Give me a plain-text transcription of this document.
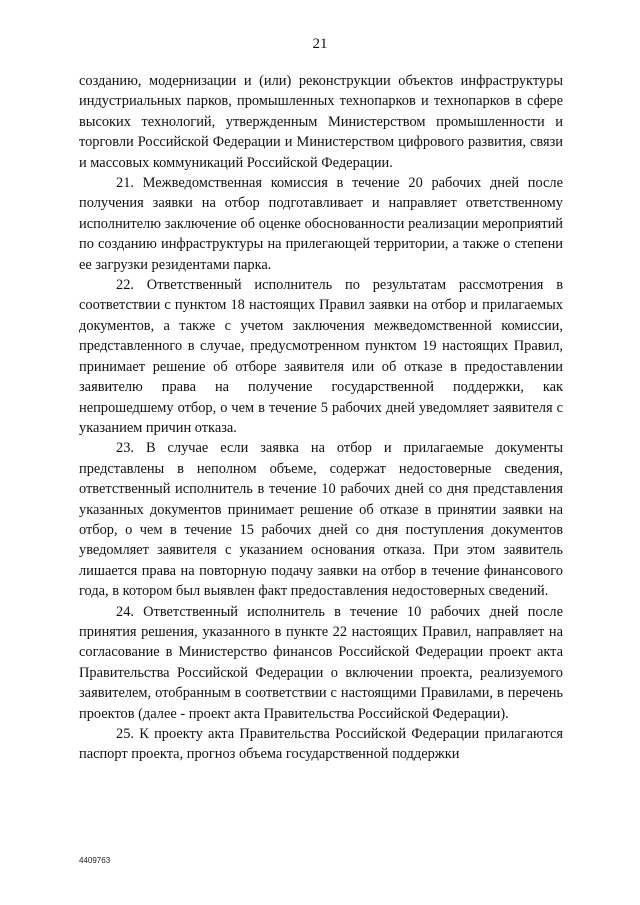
21

созданию, модернизации и (или) реконструкции объектов инфраструктуры индустриальных парков, промышленных технопарков и технопарков в сфере высоких технологий, утвержденным Министерством промышленности и торговли Российской Федерации и Министерством цифрового развития, связи и массовых коммуникаций Российской Федерации.

21. Межведомственная комиссия в течение 20 рабочих дней после получения заявки на отбор подготавливает и направляет ответственному исполнителю заключение об оценке обоснованности реализации мероприятий по созданию инфраструктуры на прилегающей территории, а также о степени ее загрузки резидентами парка.

22. Ответственный исполнитель по результатам рассмотрения в соответствии с пунктом 18 настоящих Правил заявки на отбор и прилагаемых документов, а также с учетом заключения межведомственной комиссии, представленного в случае, предусмотренном пунктом 19 настоящих Правил, принимает решение об отборе заявителя или об отказе в предоставлении заявителю права на получение государственной поддержки, как непрошедшему отбор, о чем в течение 5 рабочих дней уведомляет заявителя с указанием причин отказа.

23. В случае если заявка на отбор и прилагаемые документы представлены в неполном объеме, содержат недостоверные сведения, ответственный исполнитель в течение 10 рабочих дней со дня представления указанных документов принимает решение об отказе в принятии заявки на отбор, о чем в течение 15 рабочих дней со дня поступления документов уведомляет заявителя с указанием основания отказа. При этом заявитель лишается права на повторную подачу заявки на отбор в течение финансового года, в котором был выявлен факт предоставления недостоверных сведений.

24. Ответственный исполнитель в течение 10 рабочих дней после принятия решения, указанного в пункте 22 настоящих Правил, направляет на согласование в Министерство финансов Российской Федерации проект акта Правительства Российской Федерации о включении проекта, реализуемого заявителем, отобранным в соответствии с настоящими Правилами, в перечень проектов (далее - проект акта Правительства Российской Федерации).

25. К проекту акта Правительства Российской Федерации прилагаются паспорт проекта, прогноз объема государственной поддержки

4409763
